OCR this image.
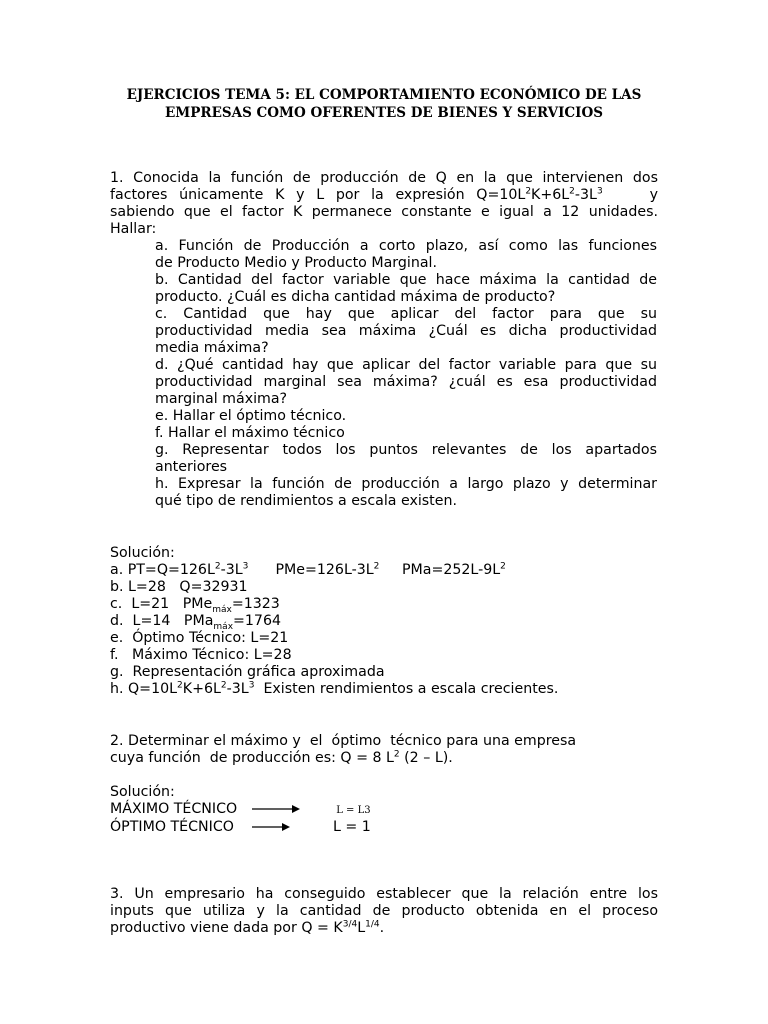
EJERCICIOS TEMA 5: EL COMPORTAMIENTO ECONÓMICO DE LAS
EMPRESAS COMO OFERENTES DE BIENES Y SERVICIOS
1. Conocida la función de producción de Q en la que intervienen dos
factores únicamente K y L por la expresión $Q=10L^2K+6L^2-3L^3$    y
sabiendo que el factor K permanece constante e igual a 12 unidades.
Hallar:
a. Función de Producción a corto plazo, así como las funciones
de Producto Medio y Producto Marginal.
b. Cantidad del factor variable que hace máxima la cantidad de
producto. ¿Cuál es dicha cantidad máxima de producto?
c. Cantidad que hay que aplicar del factor para que su
productividad media sea máxima ¿Cuál es dicha productividad
media máxima?
d. ¿Qué cantidad hay que aplicar del factor variable para que su
productividad marginal sea máxima? ¿cuál es esa productividad
marginal máxima?
e. Hallar el óptimo técnico.
f. Hallar el máximo técnico
g. Representar todos los puntos relevantes de los apartados
anteriores
h. Expresar la función de producción a largo plazo y determinar
qué tipo de rendimientos a escala existen.
Solución:
a. $PT=Q=126L^2-3L^3$ $PMe=126L-3L^2$ $PMa=252L-9L^2$
b. L=28   Q=32931
c.  L=21   PMe$_{máx}$=1323
d.  L=14   PMa$_{máx}$=1764
e.  Óptimo Técnico: L=21
f.   Máximo Técnico: L=28
g.  Representación gráfica aproximada
h. $Q=10L^2K+6L^2-3L^3$  Existen rendimientos a escala crecientes.
2. Determinar el máximo y  el  óptimo  técnico para una empresa
cuya función  de producción es: Q = 8 $L^2$ (2 – L).
Solución:
MÁXIMO TÉCNICO	L = L3
ÓPTIMO TÉCNICO	L = 1
3. Un empresario ha conseguido establecer que la relación entre los
inputs que utiliza y la cantidad de producto obtenida en el proceso
productivo viene dada por $Q = K^{3/4}L^{1/4}$.
